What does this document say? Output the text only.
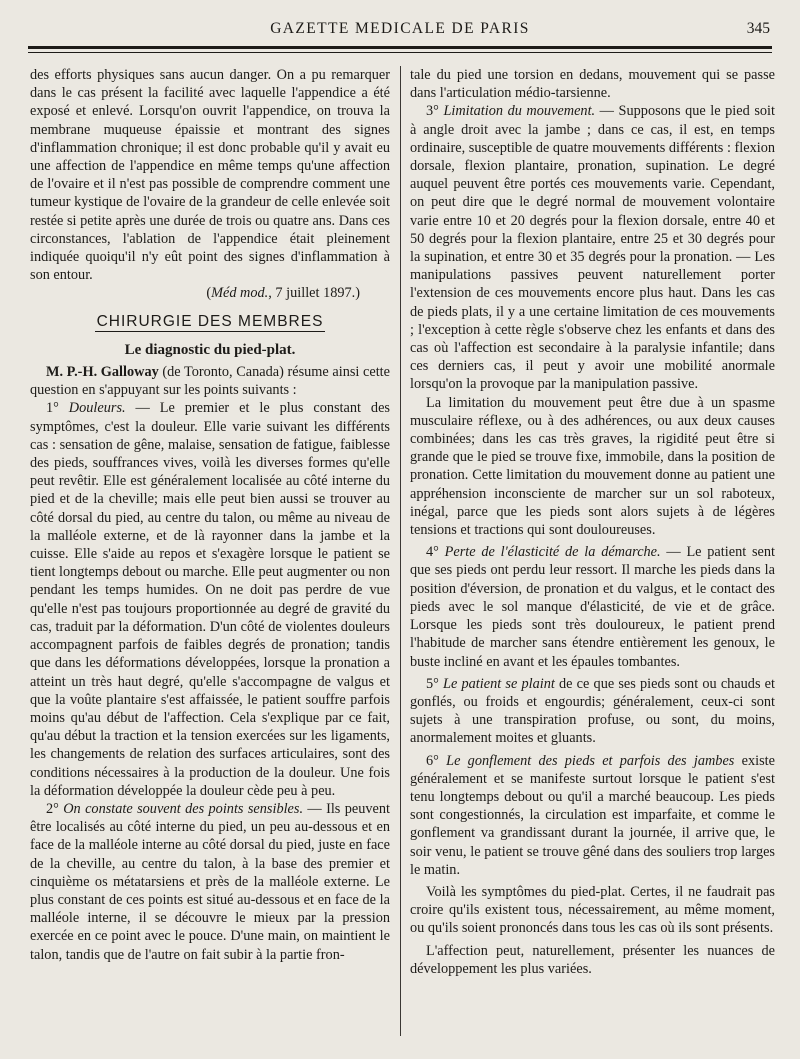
GAZETTE MEDICALE DE PARIS	345

des efforts physiques sans aucun danger. On a pu remarquer dans le cas présent la facilité avec laquelle l'appendice a été exposé et enlevé. Lorsqu'on ouvrit l'appendice, on trouva la membrane muqueuse épaissie et montrant des signes d'inflammation chronique; il est donc probable qu'il y avait eu une affection de l'appendice en même temps qu'une affection de l'ovaire et il n'est pas possible de comprendre comment une tumeur kystique de l'ovaire de la grandeur de celle enlevée soit restée si petite après une durée de trois ou quatre ans. Dans ces circonstances, l'ablation de l'appendice était pleinement indiquée quoiqu'il n'y eût point des signes d'inflammation à son entour.

(Méd mod., 7 juillet 1897.)

CHIRURGIE DES MEMBRES
Le diagnostic du pied-plat.

M. P.-H. Galloway (de Toronto, Canada) résume ainsi cette question en s'appuyant sur les points suivants :

1° Douleurs. — Le premier et le plus constant des symptômes, c'est la douleur. Elle varie suivant les différents cas : sensation de gêne, malaise, sensation de fatigue, faiblesse des pieds, souffrances vives, voilà les diverses formes qu'elle peut revêtir. Elle est généralement localisée au côté interne du pied et de la cheville; mais elle peut bien aussi se trouver au côté dorsal du pied, au centre du talon, ou même au niveau de la malléole externe, et de là rayonner dans la jambe et la cuisse. Elle s'aide au repos et s'exagère lorsque le patient se tient longtemps debout ou marche. Elle peut augmenter ou non pendant les temps humides. On ne doit pas perdre de vue qu'elle n'est pas toujours proportionnée au degré de gravité du cas, traduit par la déformation. D'un côté de violentes douleurs accompagnent parfois de faibles degrés de pronation; tandis que dans les déformations développées, lorsque la pronation a atteint un très haut degré, qu'elle s'accompagne de valgus et que la voûte plantaire s'est affaissée, le patient souffre parfois moins qu'au début de l'affection. Cela s'explique par ce fait, qu'au début la traction et la tension exercées sur les ligaments, les changements de relation des surfaces articulaires, sont des conditions nécessaires à la production de la douleur. Une fois la déformation développée la douleur cède peu à peu.

2° On constate souvent des points sensibles. — Ils peuvent être localisés au côté interne du pied, un peu au-dessous et en face de la malléole interne au côté dorsal du pied, juste en face de la cheville, au centre du talon, à la base des premier et cinquième os métatarsiens et près de la malléole externe. Le plus constant de ces points est situé au-dessous et en face de la malléole interne, il se découvre le mieux par la pression exercée en ce point avec le pouce. D'une main, on maintient le talon, tandis que de l'autre on fait subir à la partie fron-

tale du pied une torsion en dedans, mouvement qui se passe dans l'articulation médio-tarsienne.

3° Limitation du mouvement. — Supposons que le pied soit à angle droit avec la jambe ; dans ce cas, il est, en temps ordinaire, susceptible de quatre mouvements différents : flexion dorsale, flexion plantaire, pronation, supination. Le degré auquel peuvent être portés ces mouvements varie. Cependant, on peut dire que le degré normal de mouvement volontaire varie entre 10 et 20 degrés pour la flexion dorsale, entre 40 et 50 degrés pour la flexion plantaire, entre 25 et 30 degrés pour la supination, et entre 30 et 35 degrés pour la pronation. — Les manipulations passives peuvent naturellement porter l'extension de ces mouvements encore plus haut. Dans les cas de pieds plats, il y a une certaine limitation de ces mouvements ; l'exception à cette règle s'observe chez les enfants et dans des cas où l'affection est secondaire à la paralysie infantile; dans ces derniers cas, il peut y avoir une mobilité anormale lorsqu'on la provoque par la manipulation passive.

La limitation du mouvement peut être due à un spasme musculaire réflexe, ou à des adhérences, ou aux deux causes combinées; dans les cas très graves, la rigidité peut être si grande que le pied se trouve fixe, immobile, dans la position de pronation. Cette limitation du mouvement donne au patient une appréhension inconsciente de marcher sur un sol raboteux, inégal, parce que les pieds sont alors sujets à de légères tensions et tractions qui sont douloureuses.

4° Perte de l'élasticité de la démarche. — Le patient sent que ses pieds ont perdu leur ressort. Il marche les pieds dans la position d'éversion, de pronation et du valgus, et le contact des pieds avec le sol manque d'élasticité, de vie et de grâce. Lorsque les pieds sont très douloureux, le patient prend l'habitude de marcher sans étendre entièrement les genoux, le buste incliné en avant et les épaules tombantes.

5° Le patient se plaint de ce que ses pieds sont ou chauds et gonflés, ou froids et engourdis; généralement, ceux-ci sont sujets à une transpiration profuse, ou sont, du moins, anormalement moites et gluants.

6° Le gonflement des pieds et parfois des jambes existe généralement et se manifeste surtout lorsque le patient s'est tenu longtemps debout ou qu'il a marché beaucoup. Les pieds sont congestionnés, la circulation est imparfaite, et comme le gonflement va grandissant durant la journée, il arrive que, le soir venu, le patient se trouve gêné dans des souliers trop larges le matin.

Voilà les symptômes du pied-plat. Certes, il ne faudrait pas croire qu'ils existent tous, nécessairement, au même moment, ou qu'ils soient prononcés dans tous les cas où ils sont présents.

L'affection peut, naturellement, présenter les nuances de développement les plus variées.
